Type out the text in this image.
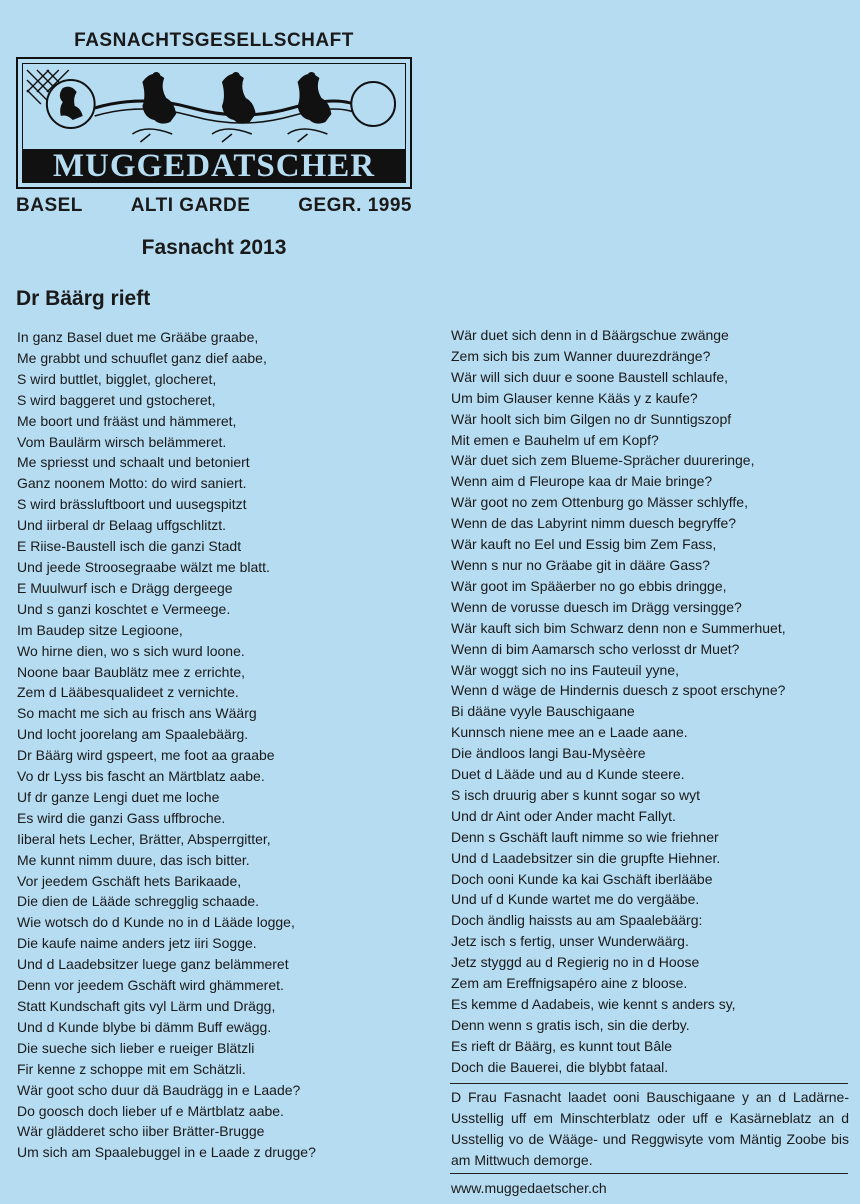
FASNACHTSGESELLSCHAFT
MUGGEDATSCHER
BASEL	ALTI GARDE	GEGR. 1995
Fasnacht 2013
Dr Bäärg rieft
In ganz Basel duet me Grääbe graabe,
Me grabbt und schuuflet ganz dief aabe,
S wird buttlet, bigglet, glocheret,
S wird baggeret und gstocheret,
Me boort und frääst und hämmeret,
Vom Baulärm wirsch belämmeret.
Me spriesst und schaalt und betoniert
Ganz noonem Motto: do wird saniert.
S wird brässluftboort und uusegspitzt
Und iirberal dr Belaag uffgschlitzt.
E Riise-Baustell isch die ganzi Stadt
Und jeede Stroosegraabe wälzt me blatt.
E Muulwurf isch e Drägg dergeege
Und s ganzi koschtet e Vermeege.
Im Baudep sitze Legioone,
Wo hirne dien, wo s sich wurd loone.
Noone baar Baublätz mee z errichte,
Zem d Lääbesqualideet z vernichte.
So macht me sich au frisch ans Wäärg
Und locht joorelang am Spaalebäärg.
Dr Bäärg wird gspeert, me foot aa graabe
Vo dr Lyss bis fascht an Märtblatz aabe.
Uf dr ganze Lengi duet me loche
Es wird die ganzi Gass uffbroche.
Iiberal hets Lecher, Brätter, Absperrgitter,
Me kunnt nimm duure, das isch bitter.
Vor jeedem Gschäft hets Barikaade,
Die dien de Lääde schregglig schaade.
Wie wotsch do d Kunde no in d Lääde logge,
Die kaufe naime anders jetz iiri Sogge.
Und d Laadebsitzer luege ganz belämmeret
Denn vor jeedem Gschäft wird ghämmeret.
Statt Kundschaft gits vyl Lärm und Drägg,
Und d Kunde blybe bi dämm Buff ewägg.
Die sueche sich lieber e rueiger Blätzli
Fir kenne z schoppe mit em Schätzli.
Wär goot scho duur dä Baudrägg in e Laade?
Do goosch doch lieber uf e Märtblatz aabe.
Wär glädderet scho iiber Brätter-Brugge
Um sich am Spaalebuggel in e Laade z drugge?
Wär duet sich denn in d Bäärgschue zwänge
Zem sich bis zum Wanner duurezdränge?
Wär will sich duur e soone Baustell schlaufe,
Um bim Glauser kenne Kääs y z kaufe?
Wär hoolt sich bim Gilgen no dr Sunntigszopf
Mit emen e Bauhelm uf em Kopf?
Wär duet sich zem Blueme-Sprächer duureringe,
Wenn aim d Fleurope kaa dr Maie bringe?
Wär goot no zem Ottenburg go Mässer schlyffe,
Wenn de das Labyrint nimm duesch begryffe?
Wär kauft no Eel und Essig bim Zem Fass,
Wenn s nur no Gräabe git in dääre Gass?
Wär goot im Spääerber no go ebbis dringge,
Wenn de vorusse duesch im Drägg versingge?
Wär kauft sich bim Schwarz denn non e Summerhuet,
Wenn di bim Aamarsch scho verlosst dr Muet?
Wär woggt sich no ins Fauteuil yyne,
Wenn d wäge de Hindernis duesch z spoot erschyne?
Bi dääne vyyle Bauschigaane
Kunnsch niene mee an e Laade aane.
Die ändloos langi Bau-Mysèère
Duet d Lääde und au d Kunde steere.
S isch druurig aber s kunnt sogar so wyt
Und dr Aint oder Ander macht Fallyt.
Denn s Gschäft lauft nimme so wie friehner
Und d Laadebsitzer sin die grupfte Hiehner.
Doch ooni Kunde ka kai Gschäft iberlääbe
Und uf d Kunde wartet me do vergääbe.
Doch ändlig haissts au am Spaalebäärg:
Jetz isch s fertig, unser Wunderwäärg.
Jetz styggd au d Regierig no in d Hoose
Zem am Ereffnigsapéro aine z bloose.
Es kemme d Aadabeis, wie kennt s anders sy,
Denn wenn s gratis isch, sin die derby.
Es rieft dr Bäärg, es kunnt tout Bâle
Doch die Bauerei, die blybbt fataal.
D Frau Fasnacht laadet ooni Bauschigaane y an d Ladärne-Usstellig uff em Minschterblatz oder uff e Kasärneblatz an d Usstellig vo de Wääge- und Reggwisyte vom Mäntig Zoobe bis am Mittwuch demorge.
www.muggedaetscher.ch
